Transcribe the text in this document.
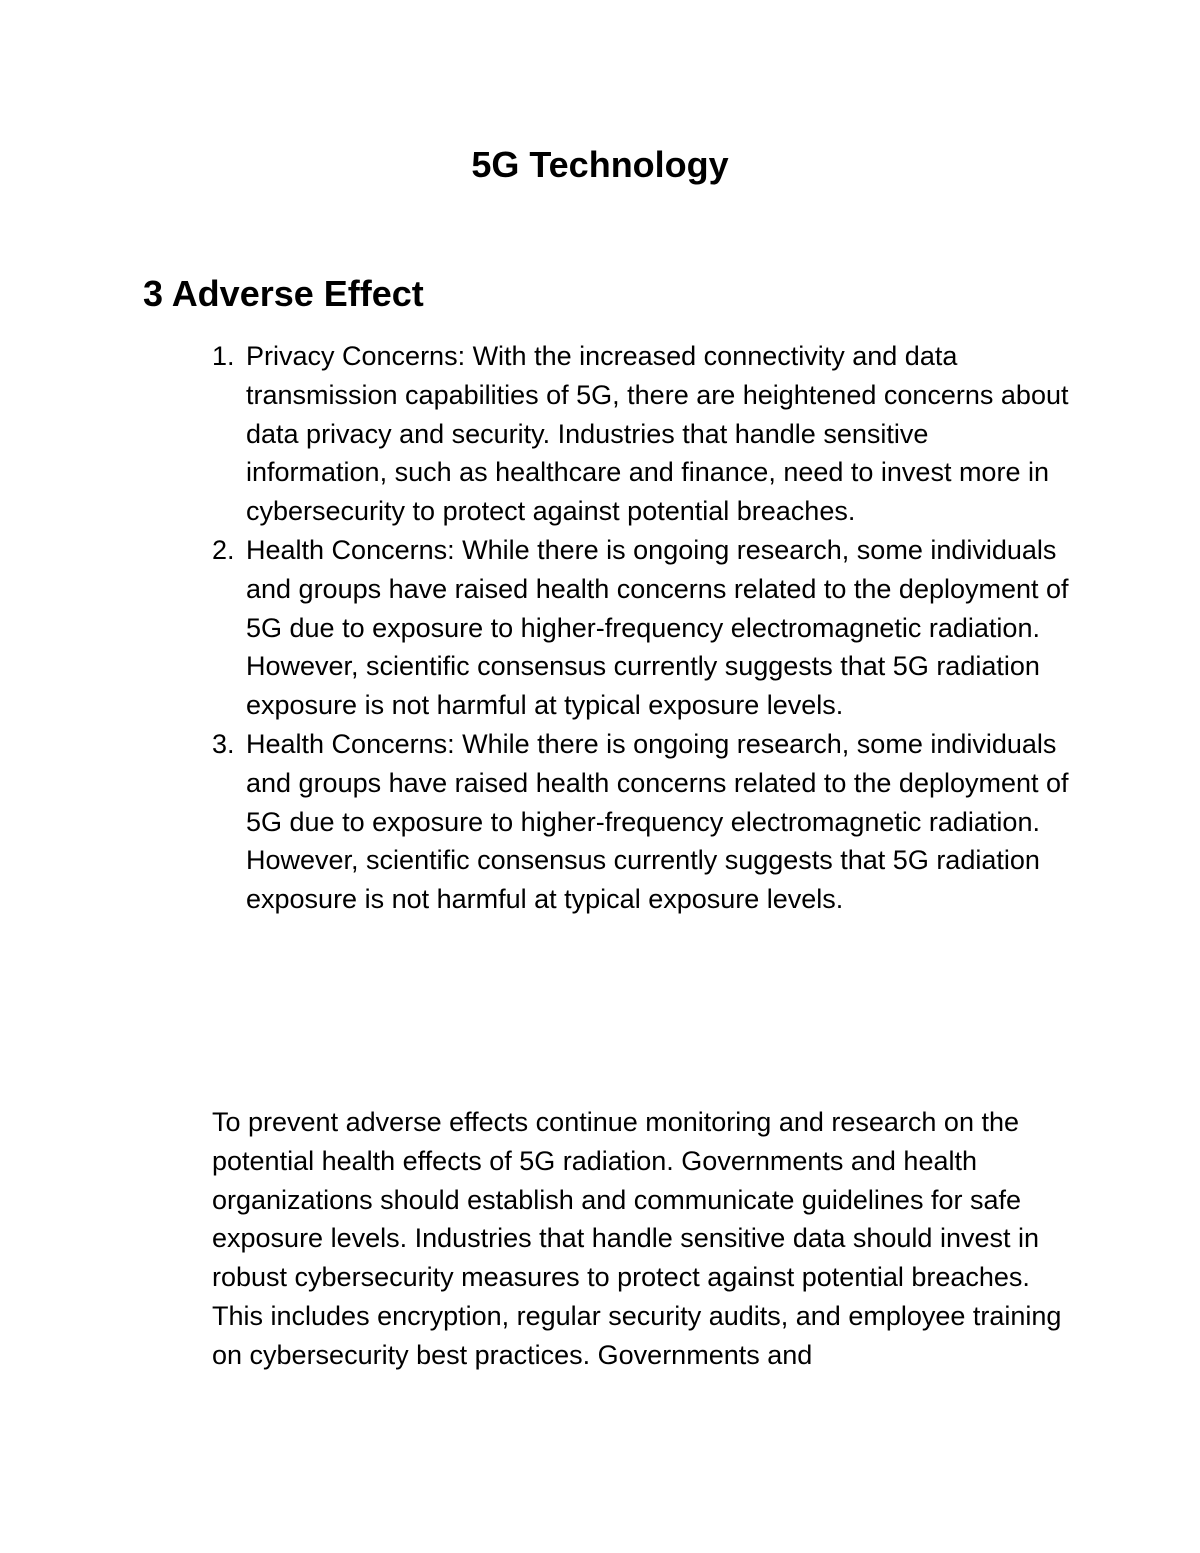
5G Technology
3 Adverse Effect
1. Privacy Concerns: With the increased connectivity and data transmission capabilities of 5G, there are heightened concerns about data privacy and security. Industries that handle sensitive information, such as healthcare and finance, need to invest more in cybersecurity to protect against potential breaches.
2. Health Concerns: While there is ongoing research, some individuals and groups have raised health concerns related to the deployment of 5G due to exposure to higher-frequency electromagnetic radiation. However, scientific consensus currently suggests that 5G radiation exposure is not harmful at typical exposure levels.
3. Health Concerns: While there is ongoing research, some individuals and groups have raised health concerns related to the deployment of 5G due to exposure to higher-frequency electromagnetic radiation. However, scientific consensus currently suggests that 5G radiation exposure is not harmful at typical exposure levels.

To prevent adverse effects continue monitoring and research on the potential health effects of 5G radiation. Governments and health organizations should establish and communicate guidelines for safe exposure levels. Industries that handle sensitive data should invest in robust cybersecurity measures to protect against potential breaches. This includes encryption, regular security audits, and employee training on cybersecurity best practices. Governments and
